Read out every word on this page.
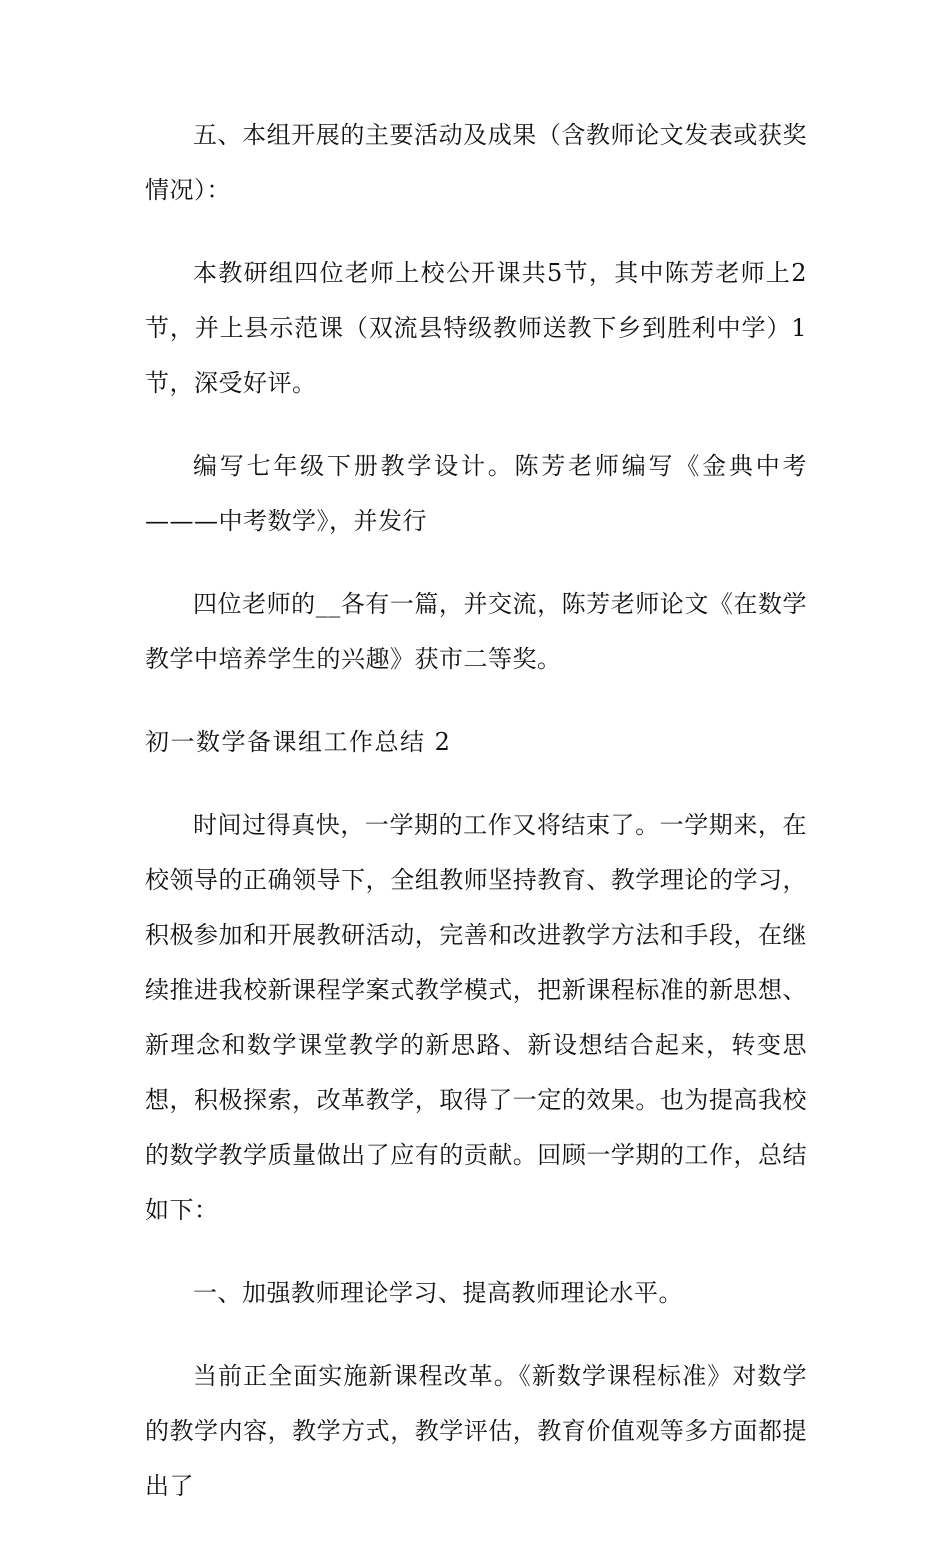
五、本组开展的主要活动及成果（含教师论文发表或获奖情况）：

本教研组四位老师上校公开课共5节，其中陈芳老师上2节，并上县示范课（双流县特级教师送教下乡到胜利中学）1节，深受好评。

编写七年级下册教学设计。陈芳老师编写《金典中考———中考数学》，并发行

四位老师的__各有一篇，并交流，陈芳老师论文《在数学教学中培养学生的兴趣》获市二等奖。

初一数学备课组工作总结 2

时间过得真快，一学期的工作又将结束了。一学期来，在校领导的正确领导下，全组教师坚持教育、教学理论的学习，积极参加和开展教研活动，完善和改进教学方法和手段，在继续推进我校新课程学案式教学模式，把新课程标准的新思想、新理念和数学课堂教学的新思路、新设想结合起来，转变思想，积极探索，改革教学，取得了一定的效果。也为提高我校的数学教学质量做出了应有的贡献。回顾一学期的工作，总结如下：

一、加强教师理论学习、提高教师理论水平。

当前正全面实施新课程改革。《新数学课程标准》对数学的教学内容，教学方式，教学评估，教育价值观等多方面都提出了
